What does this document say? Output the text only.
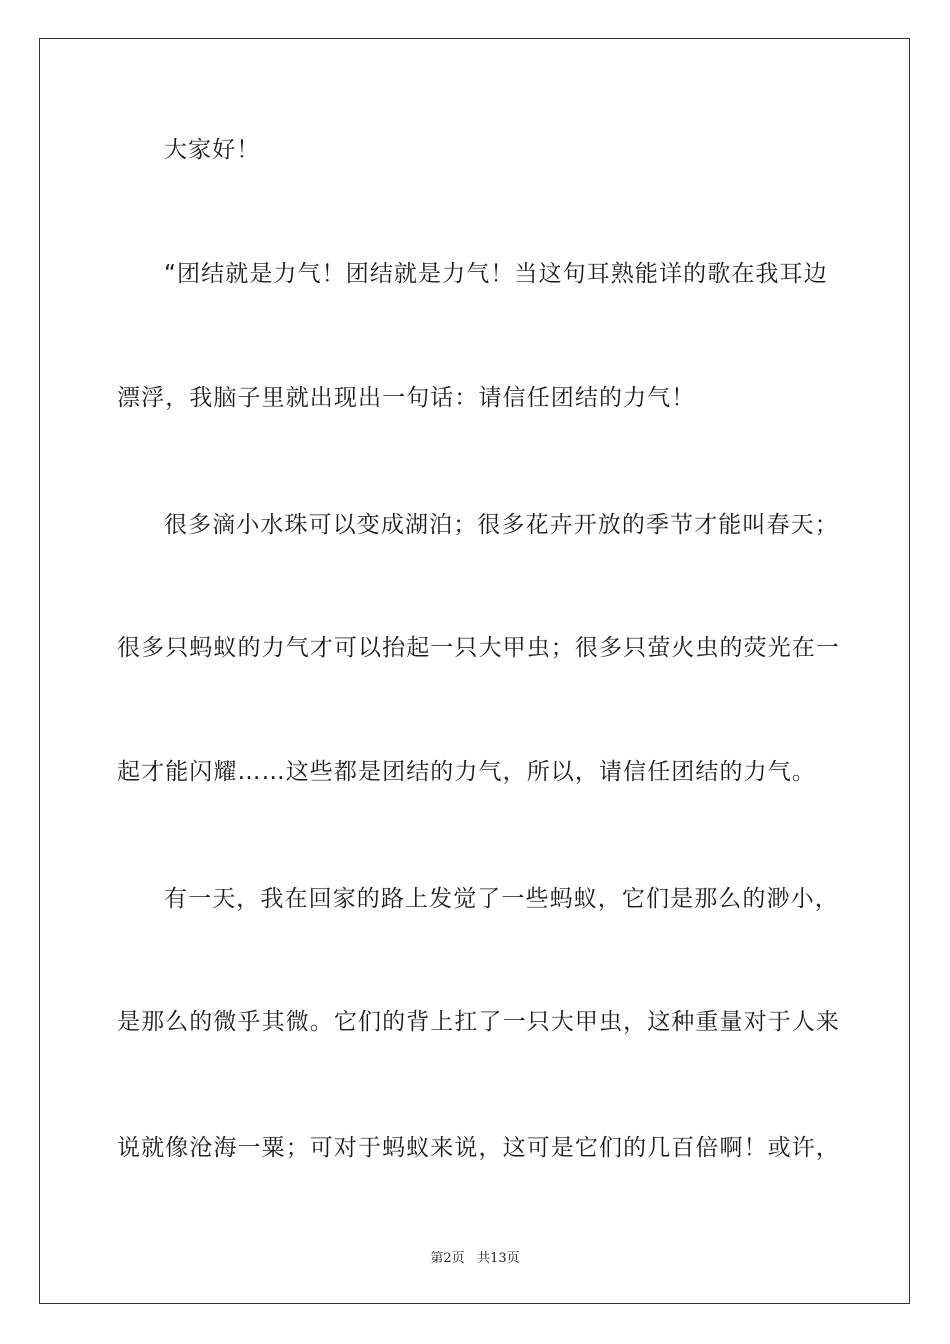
大家好！
“团结就是力气！团结就是力气！当这句耳熟能详的歌在我耳边
漂浮，我脑子里就出现出一句话：请信任团结的力气！
很多滴小水珠可以变成湖泊；很多花卉开放的季节才能叫春天；
很多只蚂蚁的力气才可以抬起一只大甲虫；很多只萤火虫的荧光在一
起才能闪耀……这些都是团结的力气，所以，请信任团结的力气。
有一天，我在回家的路上发觉了一些蚂蚁，它们是那么的渺小，
是那么的微乎其微。它们的背上扛了一只大甲虫，这种重量对于人来
说就像沧海一粟；可对于蚂蚁来说，这可是它们的几百倍啊！或许，
第2页 共13页
